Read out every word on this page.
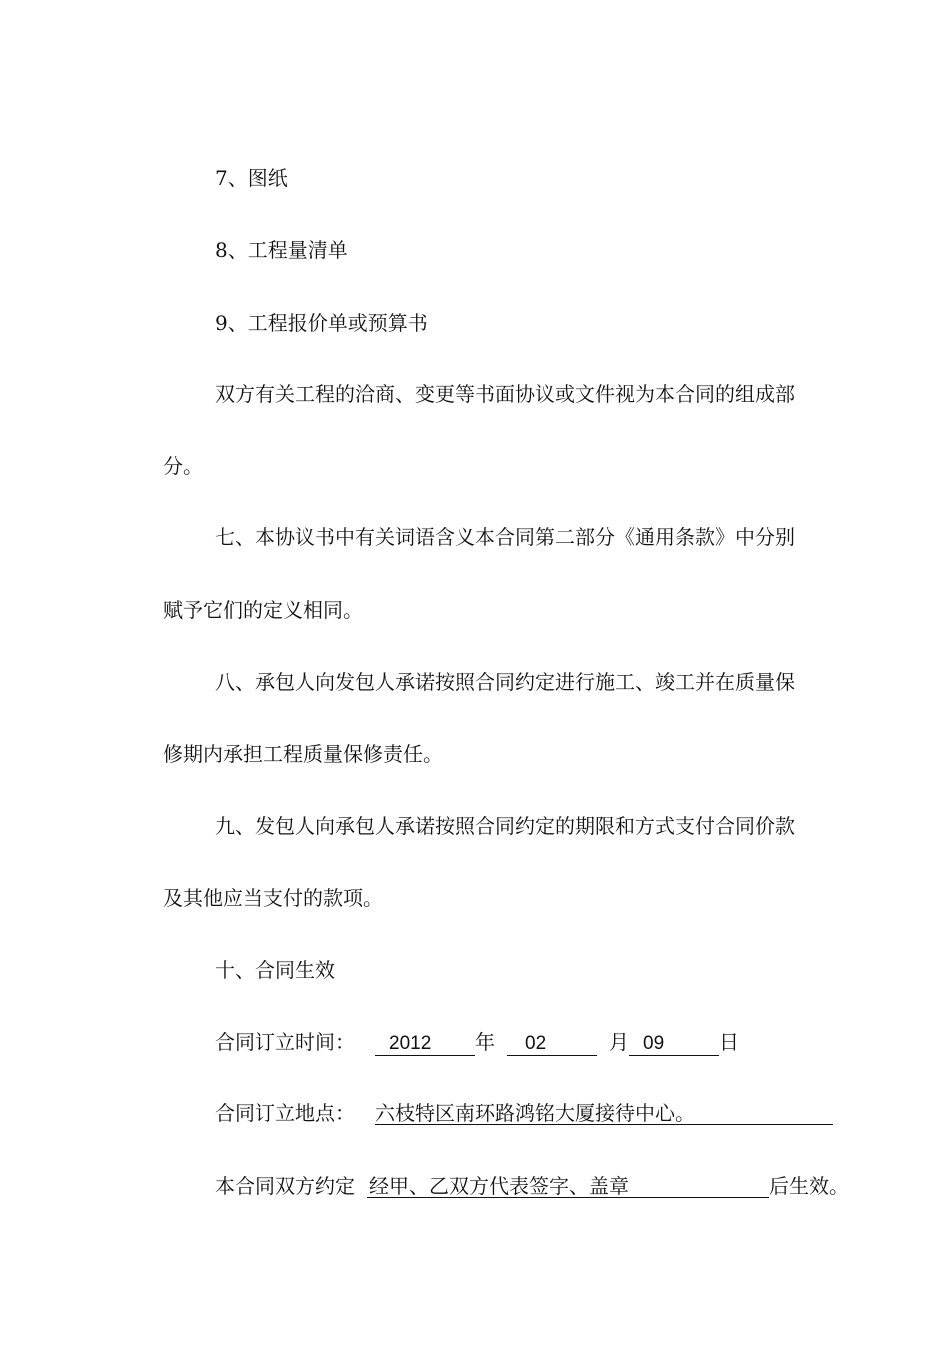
7、图纸
8、工程量清单
9、工程报价单或预算书
双方有关工程的洽商、变更等书面协议或文件视为本合同的组成部
分。
七、本协议书中有关词语含义本合同第二部分《通用条款》中分别
赋予它们的定义相同。
八、承包人向发包人承诺按照合同约定进行施工、竣工并在质量保
修期内承担工程质量保修责任。
九、发包人向承包人承诺按照合同约定的期限和方式支付合同价款
及其他应当支付的款项。
十、合同生效
合同订立时间： 2012 年 02	月 09	日
合同订立地点： 六枝特区南环路鸿铭大厦接待中心。
本合同双方约定 经甲、乙双方代表签字、盖章	后生效。
